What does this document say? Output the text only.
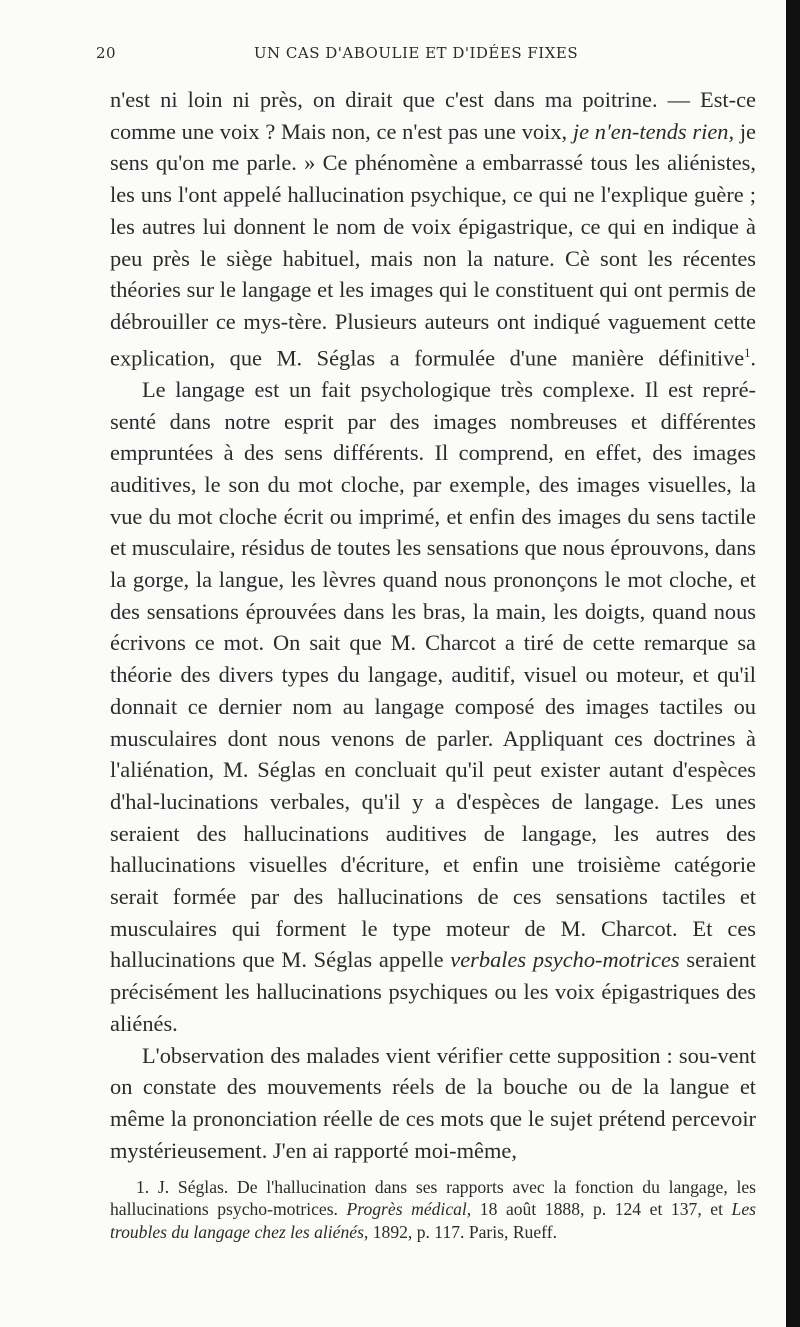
20	UN CAS D'ABOULIE ET D'IDÉES FIXES

n'est ni loin ni près, on dirait que c'est dans ma poitrine. — Est-ce comme une voix ? Mais non, ce n'est pas une voix, je n'en-tends rien, je sens qu'on me parle. » Ce phénomène a embarrassé tous les aliénistes, les uns l'ont appelé hallucination psychique, ce qui ne l'explique guère ; les autres lui donnent le nom de voix épigastrique, ce qui en indique à peu près le siège habituel, mais non la nature. Cè sont les récentes théories sur le langage et les images qui le constituent qui ont permis de débrouiller ce mys-tère. Plusieurs auteurs ont indiqué vaguement cette explication, que M. Séglas a formulée d'une manière définitive$^1$.

Le langage est un fait psychologique très complexe. Il est repré-senté dans notre esprit par des images nombreuses et différentes empruntées à des sens différents. Il comprend, en effet, des images auditives, le son du mot cloche, par exemple, des images visuelles, la vue du mot cloche écrit ou imprimé, et enfin des images du sens tactile et musculaire, résidus de toutes les sensations que nous éprouvons, dans la gorge, la langue, les lèvres quand nous prononçons le mot cloche, et des sensations éprouvées dans les bras, la main, les doigts, quand nous écrivons ce mot. On sait que M. Charcot a tiré de cette remarque sa théorie des divers types du langage, auditif, visuel ou moteur, et qu'il donnait ce dernier nom au langage composé des images tactiles ou musculaires dont nous venons de parler. Appliquant ces doctrines à l'aliénation, M. Séglas en concluait qu'il peut exister autant d'espèces d'hal-lucinations verbales, qu'il y a d'espèces de langage. Les unes seraient des hallucinations auditives de langage, les autres des hallucinations visuelles d'écriture, et enfin une troisième catégorie serait formée par des hallucinations de ces sensations tactiles et musculaires qui forment le type moteur de M. Charcot. Et ces hallucinations que M. Séglas appelle verbales psycho-motrices seraient précisément les hallucinations psychiques ou les voix épigastriques des aliénés.

L'observation des malades vient vérifier cette supposition : sou-vent on constate des mouvements réels de la bouche ou de la langue et même la prononciation réelle de ces mots que le sujet prétend percevoir mystérieusement. J'en ai rapporté moi-même,

1. J. Séglas. De l'hallucination dans ses rapports avec la fonction du langage, les hallucinations psycho-motrices. Progrès médical, 18 août 1888, p. 124 et 137, et Les troubles du langage chez les aliénés, 1892, p. 117. Paris, Rueff.
